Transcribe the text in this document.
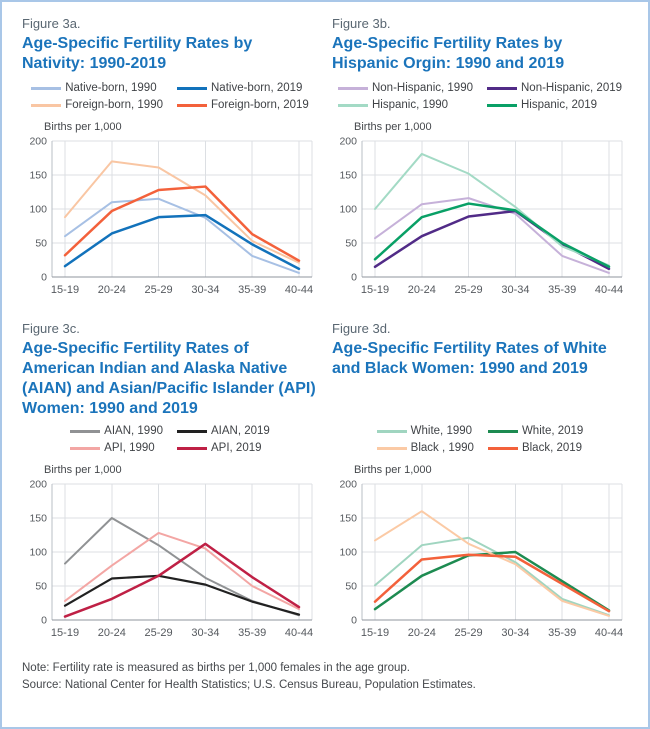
Figure 3a.
Age-Specific Fertility Rates by Nativity: 1990-2019
Native-born, 1990	Native-born, 2019
Foreign-born, 1990	Foreign-born, 2019
Births per 1,000
0
50
100
150
200
15-19 20-24 25-29 30-34 35-39 40-44
Figure 3b.
Age-Specific Fertility Rates by Hispanic Orgin: 1990 and 2019
Non-Hispanic, 1990	Non-Hispanic, 2019
Hispanic, 1990	Hispanic, 2019
Births per 1,000
0
50
100
150
200
15-19 20-24 25-29 30-34 35-39 40-44
Figure 3c.
Age-Specific Fertility Rates of American Indian and Alaska Native (AIAN) and Asian/Pacific Islander (API) Women: 1990 and 2019
AIAN, 1990	AIAN, 2019
API, 1990	API, 2019
Births per 1,000
0
50
100
150
200
15-19 20-24 25-29 30-34 35-39 40-44
Figure 3d.
Age-Specific Fertility Rates of White and Black Women: 1990 and 2019
White, 1990	White, 2019
Black , 1990	Black, 2019
Births per 1,000
0
50
100
150
200
15-19 20-24 25-29 30-34 35-39 40-44
Note: Fertility rate is measured as births per 1,000 females in the age group.
Source: National Center for Health Statistics; U.S. Census Bureau, Population Estimates.
